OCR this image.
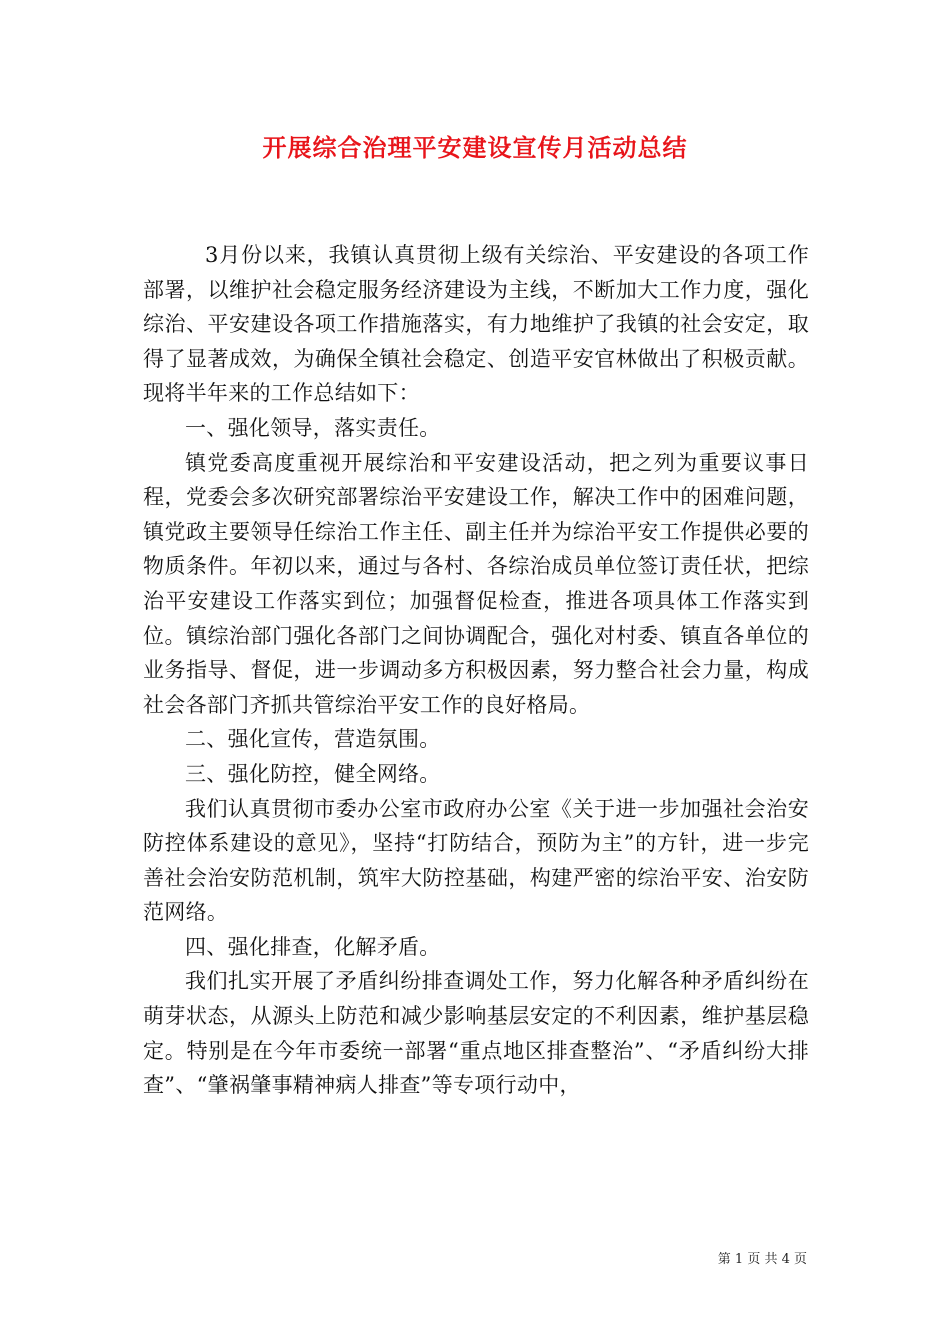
开展综合治理平安建设宣传月活动总结

3月份以来，我镇认真贯彻上级有关综治、平安建设的各项工作部署，以维护社会稳定服务经济建设为主线，不断加大工作力度，强化综治、平安建设各项工作措施落实，有力地维护了我镇的社会安定，取得了显著成效，为确保全镇社会稳定、创造平安官林做出了积极贡献。现将半年来的工作总结如下：

一、强化领导，落实责任。

镇党委高度重视开展综治和平安建设活动，把之列为重要议事日程，党委会多次研究部署综治平安建设工作，解决工作中的困难问题，镇党政主要领导任综治工作主任、副主任并为综治平安工作提供必要的物质条件。年初以来，通过与各村、各综治成员单位签订责任状，把综治平安建设工作落实到位；加强督促检查，推进各项具体工作落实到位。镇综治部门强化各部门之间协调配合，强化对村委、镇直各单位的业务指导、督促，进一步调动多方积极因素，努力整合社会力量，构成社会各部门齐抓共管综治平安工作的良好格局。

二、强化宣传，营造氛围。

三、强化防控，健全网络。

我们认真贯彻市委办公室市政府办公室《关于进一步加强社会治安防控体系建设的意见》，坚持“打防结合，预防为主”的方针，进一步完善社会治安防范机制，筑牢大防控基础，构建严密的综治平安、治安防范网络。

四、强化排查，化解矛盾。

我们扎实开展了矛盾纠纷排查调处工作，努力化解各种矛盾纠纷在萌芽状态，从源头上防范和减少影响基层安定的不利因素，维护基层稳定。特别是在今年市委统一部署“重点地区排查整治”、“矛盾纠纷大排查”、“肇祸肇事精神病人排查”等专项行动中，

第 1 页 共 4 页
